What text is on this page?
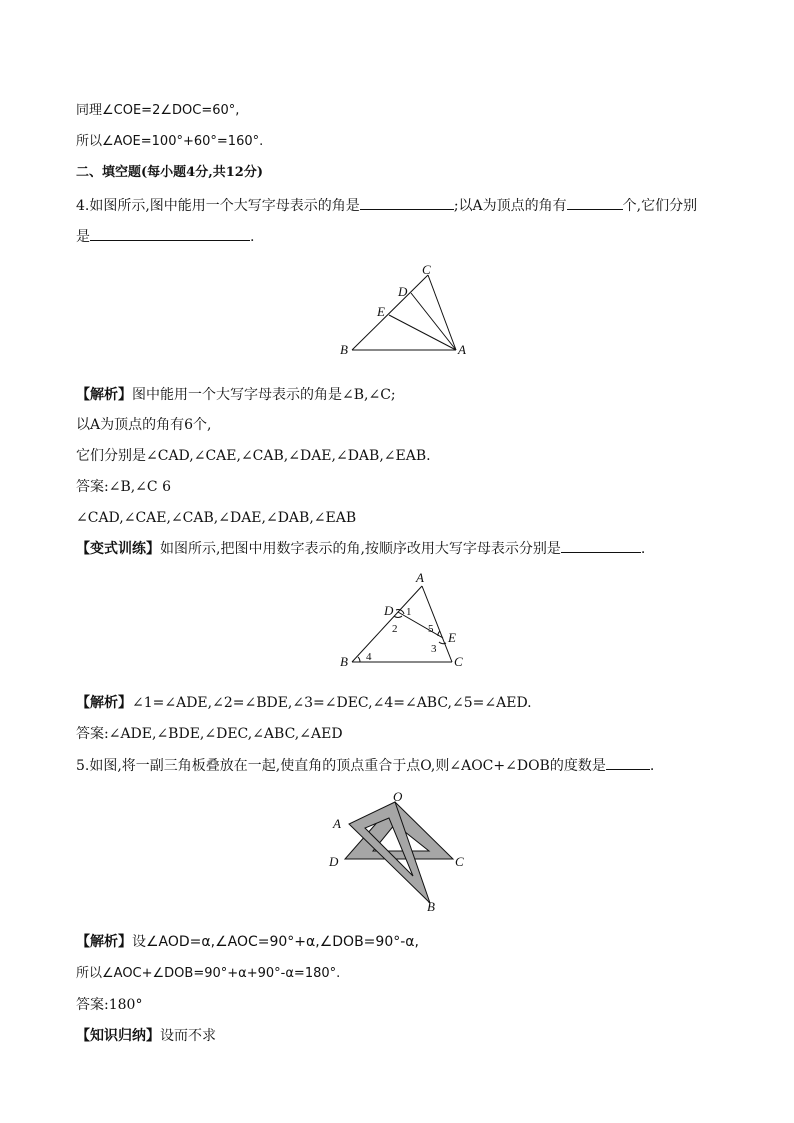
同理∠COE=2∠DOC=60°,
所以∠AOE=100°+60°=160°.
二、填空题(每小题4分,共12分)
4.如图所示,图中能用一个大写字母表示的角是	;以A为顶点的角有	个,它们分别
是	.
C
D
E
B	A
【解析】图中能用一个大写字母表示的角是∠B,∠C;
以A为顶点的角有6个,
它们分别是∠CAD,∠CAE,∠CAB,∠DAE,∠DAB,∠EAB.
答案:∠B,∠C 6
∠CAD,∠CAE,∠CAB,∠DAE,∠DAB,∠EAB
【变式训练】如图所示,把图中用数字表示的角,按顺序改用大写字母表示分别是	.
A
D
E
B	C
1
2	5
3
4
【解析】∠1=∠ADE,∠2=∠BDE,∠3=∠DEC,∠4=∠ABC,∠5=∠AED.
答案:∠ADE,∠BDE,∠DEC,∠ABC,∠AED
5.如图,将一副三角板叠放在一起,使直角的顶点重合于点O,则∠AOC+∠DOB的度数是	.
O
A
D	C
B
【解析】设∠AOD=α,∠AOC=90°+α,∠DOB=90°-α,
所以∠AOC+∠DOB=90°+α+90°-α=180°.
答案:180°
【知识归纳】设而不求
